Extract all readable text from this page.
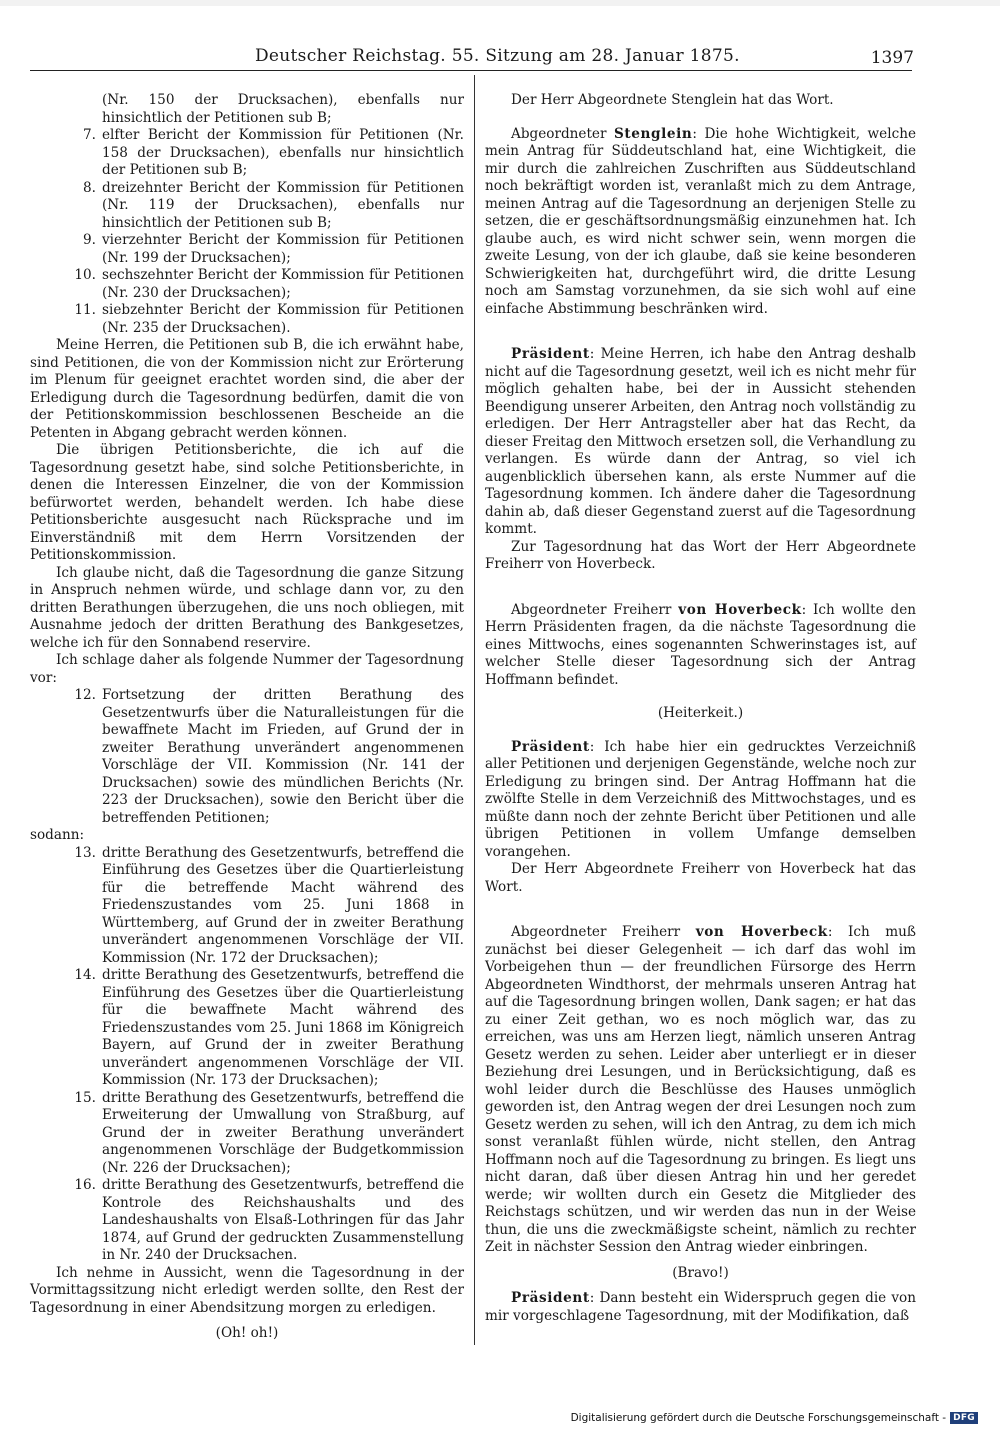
Deutscher Reichstag. 55. Sitzung am 28. Januar 1875.	1397

(Nr. 150 der Drucksachen), ebenfalls nur hinsichtlich der Petitionen sub B;

7. elfter Bericht der Kommission für Petitionen (Nr. 158 der Drucksachen), ebenfalls nur hinsichtlich der Petitionen sub B;
8. dreizehnter Bericht der Kommission für Petitionen (Nr. 119 der Drucksachen), ebenfalls nur hinsichtlich der Petitionen sub B;
9. vierzehnter Bericht der Kommission für Petitionen (Nr. 199 der Drucksachen);
10. sechszehnter Bericht der Kommission für Petitionen (Nr. 230 der Drucksachen);
11. siebzehnter Bericht der Kommission für Petitionen (Nr. 235 der Drucksachen).

Meine Herren, die Petitionen sub B, die ich erwähnt habe, sind Petitionen, die von der Kommission nicht zur Erörterung im Plenum für geeignet erachtet worden sind, die aber der Erledigung durch die Tagesordnung bedürfen, damit die von der Petitionskommission beschlossenen Bescheide an die Petenten in Abgang gebracht werden können.

Die übrigen Petitionsberichte, die ich auf die Tagesordnung gesetzt habe, sind solche Petitionsberichte, in denen die Interessen Einzelner, die von der Kommission befürwortet werden, behandelt werden. Ich habe diese Petitionsberichte ausgesucht nach Rücksprache und im Einverständniß mit dem Herrn Vorsitzenden der Petitionskommission.

Ich glaube nicht, daß die Tagesordnung die ganze Sitzung in Anspruch nehmen würde, und schlage dann vor, zu den dritten Berathungen überzugehen, die uns noch obliegen, mit Ausnahme jedoch der dritten Berathung des Bankgesetzes, welche ich für den Sonnabend reservire.

Ich schlage daher als folgende Nummer der Tagesordnung vor:

12. Fortsetzung der dritten Berathung des Gesetzentwurfs über die Naturalleistungen für die bewaffnete Macht im Frieden, auf Grund der in zweiter Berathung unverändert angenommenen Vorschläge der VII. Kommission (Nr. 141 der Drucksachen) sowie des mündlichen Berichts (Nr. 223 der Drucksachen), sowie den Bericht über die betreffenden Petitionen;

sodann:

13. dritte Berathung des Gesetzentwurfs, betreffend die Einführung des Gesetzes über die Quartierleistung für die betreffende Macht während des Friedenszustandes vom 25. Juni 1868 in Württemberg, auf Grund der in zweiter Berathung unverändert angenommenen Vorschläge der VII. Kommission (Nr. 172 der Drucksachen);
14. dritte Berathung des Gesetzentwurfs, betreffend die Einführung des Gesetzes über die Quartierleistung für die bewaffnete Macht während des Friedenszustandes vom 25. Juni 1868 im Königreich Bayern, auf Grund der in zweiter Berathung unverändert angenommenen Vorschläge der VII. Kommission (Nr. 173 der Drucksachen);
15. dritte Berathung des Gesetzentwurfs, betreffend die Erweiterung der Umwallung von Straßburg, auf Grund der in zweiter Berathung unverändert angenommenen Vorschläge der Budgetkommission (Nr. 226 der Drucksachen);
16. dritte Berathung des Gesetzentwurfs, betreffend die Kontrole des Reichshaushalts und des Landeshaushalts von Elsaß-Lothringen für das Jahr 1874, auf Grund der gedruckten Zusammenstellung in Nr. 240 der Drucksachen.

Ich nehme in Aussicht, wenn die Tagesordnung in der Vormittagssitzung nicht erledigt werden sollte, den Rest der Tagesordnung in einer Abendsitzung morgen zu erledigen.

(Oh! oh!)

Der Herr Abgeordnete Stenglein hat das Wort.

Abgeordneter Stenglein: Die hohe Wichtigkeit, welche mein Antrag für Süddeutschland hat, eine Wichtigkeit, die mir durch die zahlreichen Zuschriften aus Süddeutschland noch bekräftigt worden ist, veranlaßt mich zu dem Antrage, meinen Antrag auf die Tagesordnung an derjenigen Stelle zu setzen, die er geschäftsordnungsmäßig einzunehmen hat. Ich glaube auch, es wird nicht schwer sein, wenn morgen die zweite Lesung, von der ich glaube, daß sie keine besonderen Schwierigkeiten hat, durchgeführt wird, die dritte Lesung noch am Samstag vorzunehmen, da sie sich wohl auf eine einfache Abstimmung beschränken wird.

Präsident: Meine Herren, ich habe den Antrag deshalb nicht auf die Tagesordnung gesetzt, weil ich es nicht mehr für möglich gehalten habe, bei der in Aussicht stehenden Beendigung unserer Arbeiten, den Antrag noch vollständig zu erledigen. Der Herr Antragsteller aber hat das Recht, da dieser Freitag den Mittwoch ersetzen soll, die Verhandlung zu verlangen. Es würde dann der Antrag, so viel ich augenblicklich übersehen kann, als erste Nummer auf die Tagesordnung kommen. Ich ändere daher die Tagesordnung dahin ab, daß dieser Gegenstand zuerst auf die Tagesordnung kommt.

Zur Tagesordnung hat das Wort der Herr Abgeordnete Freiherr von Hoverbeck.

Abgeordneter Freiherr von Hoverbeck: Ich wollte den Herrn Präsidenten fragen, da die nächste Tagesordnung die eines Mittwochs, eines sogenannten Schwerinstages ist, auf welcher Stelle dieser Tagesordnung sich der Antrag Hoffmann befindet.

(Heiterkeit.)

Präsident: Ich habe hier ein gedrucktes Verzeichniß aller Petitionen und derjenigen Gegenstände, welche noch zur Erledigung zu bringen sind. Der Antrag Hoffmann hat die zwölfte Stelle in dem Verzeichniß des Mittwochstages, und es müßte dann noch der zehnte Bericht über Petitionen und alle übrigen Petitionen in vollem Umfange demselben vorangehen.

Der Herr Abgeordnete Freiherr von Hoverbeck hat das Wort.

Abgeordneter Freiherr von Hoverbeck: Ich muß zunächst bei dieser Gelegenheit — ich darf das wohl im Vorbeigehen thun — der freundlichen Fürsorge des Herrn Abgeordneten Windthorst, der mehrmals unseren Antrag hat auf die Tagesordnung bringen wollen, Dank sagen; er hat das zu einer Zeit gethan, wo es noch möglich war, das zu erreichen, was uns am Herzen liegt, nämlich unseren Antrag Gesetz werden zu sehen. Leider aber unterliegt er in dieser Beziehung drei Lesungen, und in Berücksichtigung, daß es wohl leider durch die Beschlüsse des Hauses unmöglich geworden ist, den Antrag wegen der drei Lesungen noch zum Gesetz werden zu sehen, will ich den Antrag, zu dem ich mich sonst veranlaßt fühlen würde, nicht stellen, den Antrag Hoffmann noch auf die Tagesordnung zu bringen. Es liegt uns nicht daran, daß über diesen Antrag hin und her geredet werde; wir wollten durch ein Gesetz die Mitglieder des Reichstags schützen, und wir werden das nun in der Weise thun, die uns die zweckmäßigste scheint, nämlich zu rechter Zeit in nächster Session den Antrag wieder einbringen.

(Bravo!)

Präsident: Dann besteht ein Widerspruch gegen die von mir vorgeschlagene Tagesordnung, mit der Modifikation, daß

Digitalisierung gefördert durch die Deutsche Forschungsgemeinschaft - DFG
